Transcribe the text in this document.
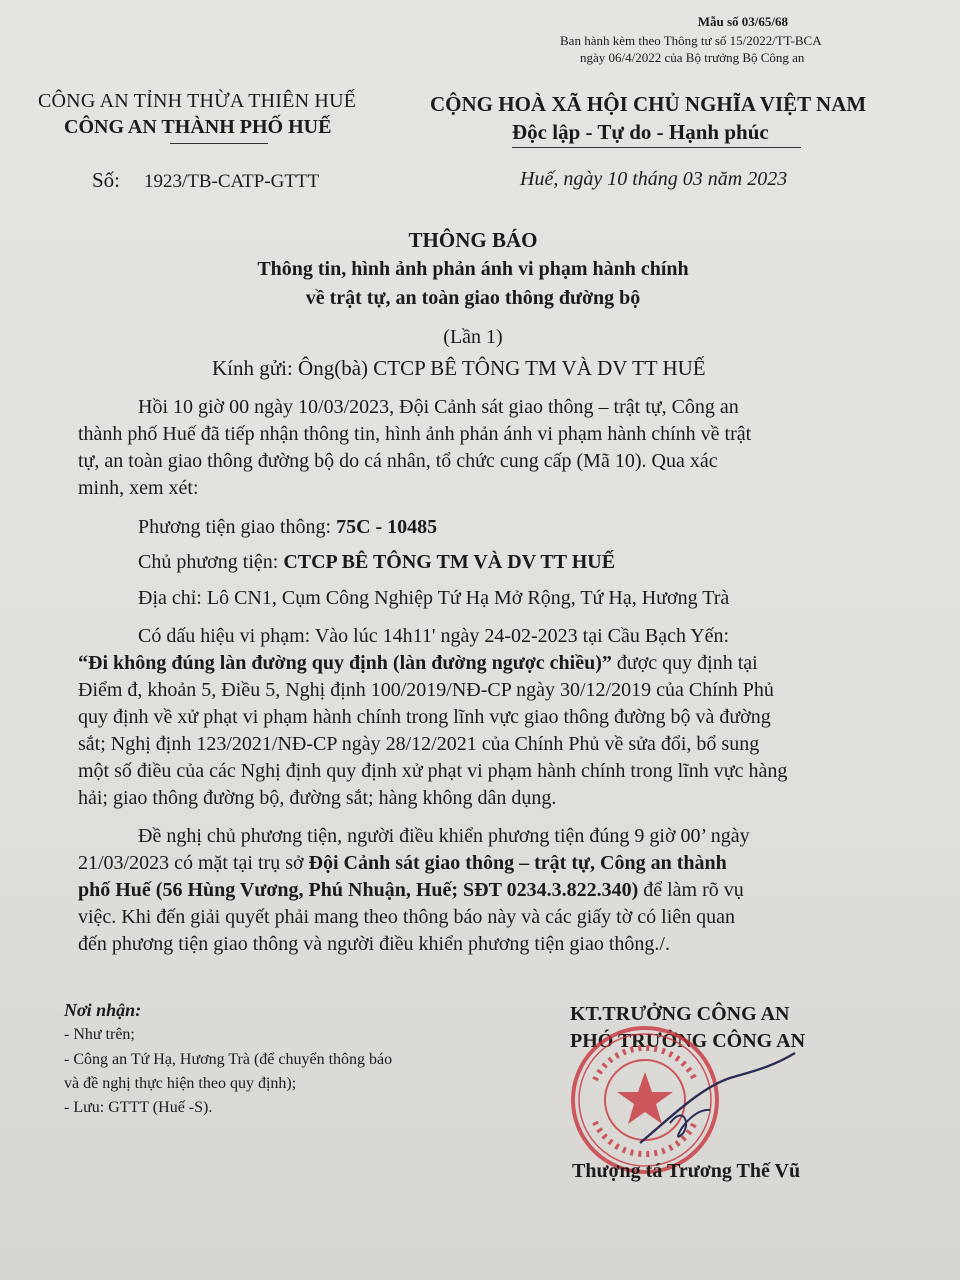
Mẫu số 03/65/68
Ban hành kèm theo Thông tư số 15/2022/TT-BCA
ngày 06/4/2022 của Bộ trưởng Bộ Công an
CÔNG AN TỈNH THỪA THIÊN HUẾ
CÔNG AN THÀNH PHỐ HUẾ
CỘNG HOÀ XÃ HỘI CHỦ NGHĨA VIỆT NAM
Độc lập - Tự do - Hạnh phúc
Số: 1923/TB-CATP-GTTT	Huế, ngày 10 tháng 03 năm 2023
THÔNG BÁO
Thông tin, hình ảnh phản ánh vi phạm hành chính
về trật tự, an toàn giao thông đường bộ
(Lần 1)
Kính gửi: Ông(bà) CTCP BÊ TÔNG TM VÀ DV TT HUẾ
Hồi 10 giờ 00 ngày 10/03/2023, Đội Cảnh sát giao thông – trật tự, Công an
thành phố Huế đã tiếp nhận thông tin, hình ảnh phản ánh vi phạm hành chính về trật
tự, an toàn giao thông đường bộ do cá nhân, tổ chức cung cấp (Mã 10). Qua xác
minh, xem xét:
Phương tiện giao thông: 75C - 10485
Chủ phương tiện: CTCP BÊ TÔNG TM VÀ DV TT HUẾ
Địa chỉ: Lô CN1, Cụm Công Nghiệp Tứ Hạ Mở Rộng, Tứ Hạ, Hương Trà
Có dấu hiệu vi phạm: Vào lúc 14h11' ngày 24-02-2023 tại Cầu Bạch Yến:
“Đi không đúng làn đường quy định (làn đường ngược chiều)” được quy định tại
Điểm đ, khoản 5, Điều 5, Nghị định 100/2019/NĐ-CP ngày 30/12/2019 của Chính Phủ
quy định về xử phạt vi phạm hành chính trong lĩnh vực giao thông đường bộ và đường
sắt; Nghị định 123/2021/NĐ-CP ngày 28/12/2021 của Chính Phủ về sửa đổi, bổ sung
một số điều của các Nghị định quy định xử phạt vi phạm hành chính trong lĩnh vực hàng
hải; giao thông đường bộ, đường sắt; hàng không dân dụng.
Đề nghị chủ phương tiện, người điều khiển phương tiện đúng 9 giờ 00’ ngày
21/03/2023 có mặt tại trụ sở Đội Cảnh sát giao thông – trật tự, Công an thành
phố Huế (56 Hùng Vương, Phú Nhuận, Huế; SĐT 0234.3.822.340) để làm rõ vụ
việc. Khi đến giải quyết phải mang theo thông báo này và các giấy tờ có liên quan
đến phương tiện giao thông và người điều khiển phương tiện giao thông./.
Nơi nhận:
- Như trên;
- Công an Tứ Hạ, Hương Trà (để chuyển thông báo
và đề nghị thực hiện theo quy định);
- Lưu: GTTT (Huế -S).
KT.TRƯỞNG CÔNG AN
PHÓ TRƯỞNG CÔNG AN
Thượng tá Trương Thế Vũ
